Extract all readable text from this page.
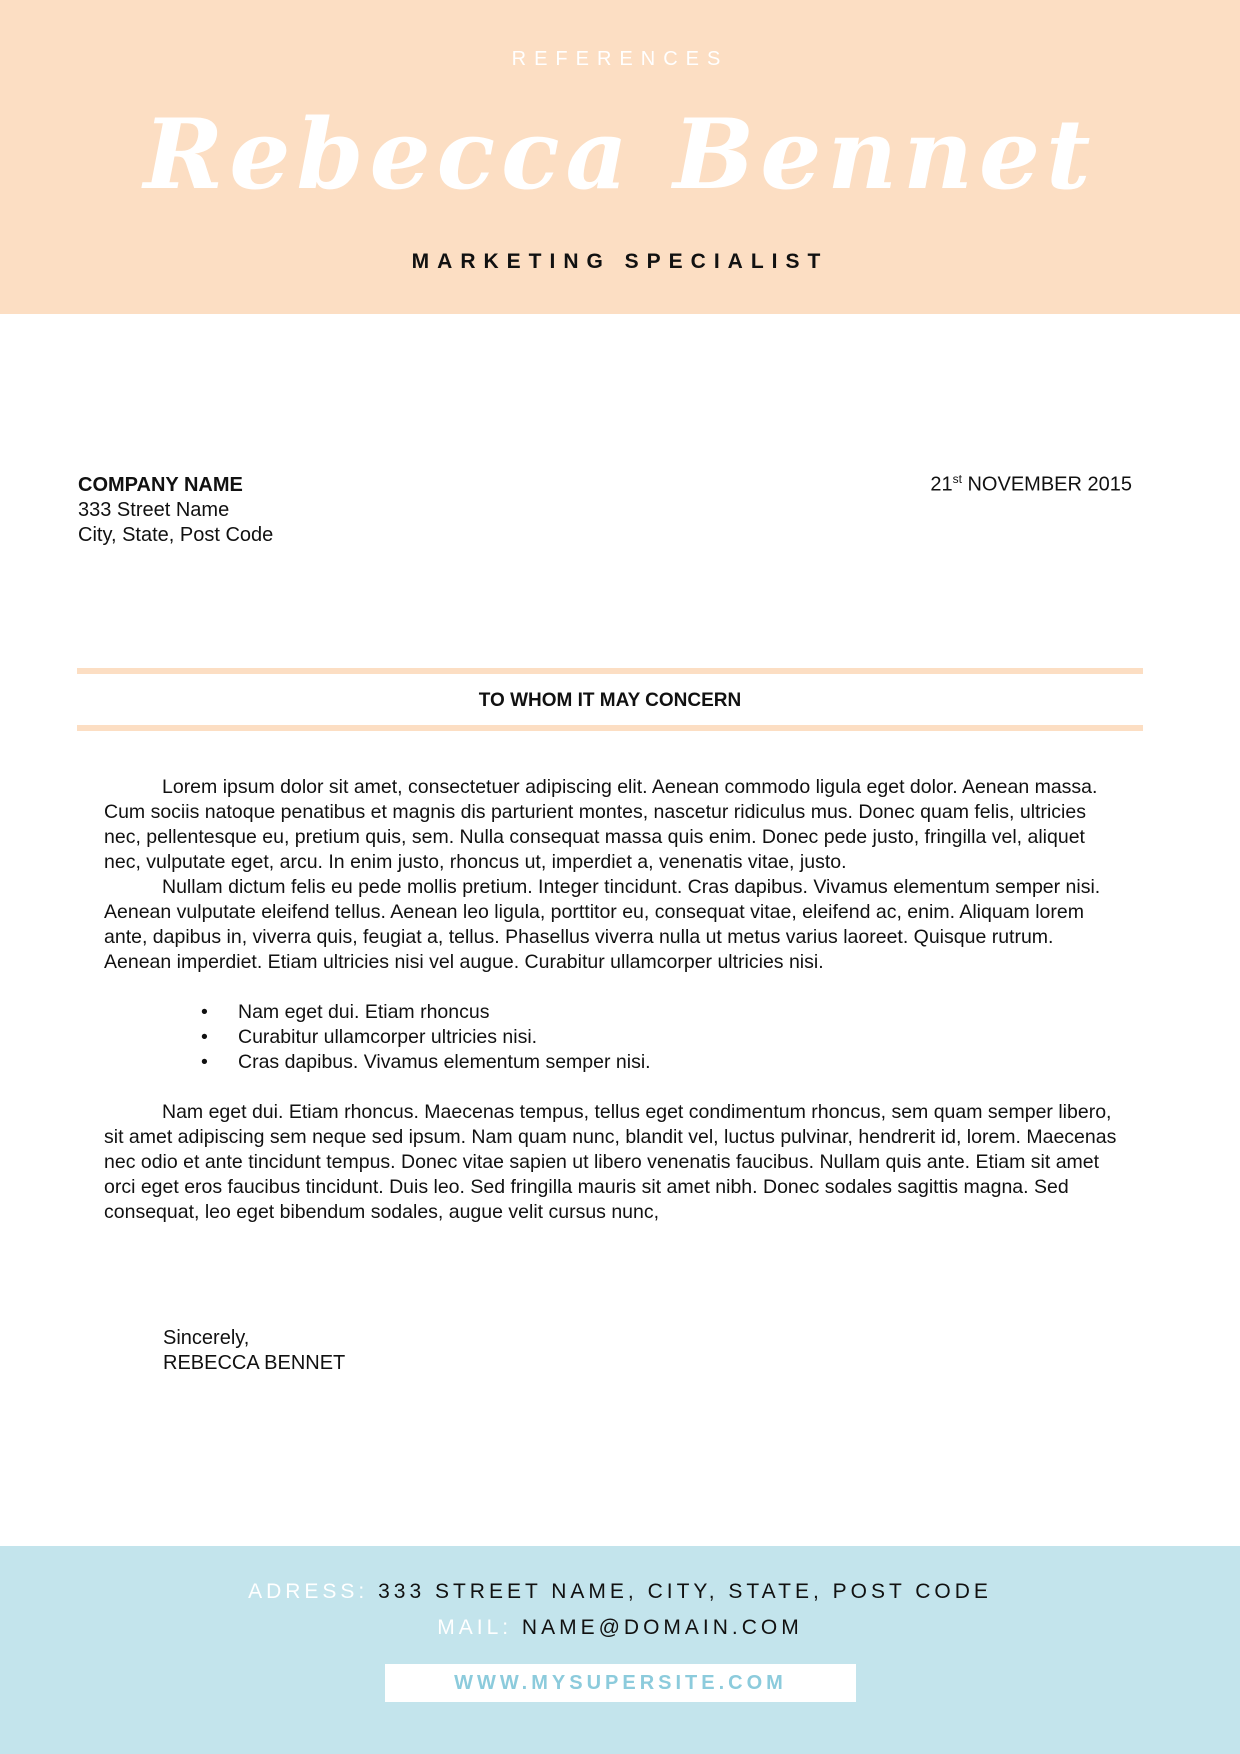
REFERENCES
Rebecca Bennet
MARKETING SPECIALIST
COMPANY NAME
333 Street Name
City, State, Post Code
21st NOVEMBER 2015
TO WHOM IT MAY CONCERN

Lorem ipsum dolor sit amet, consectetuer adipiscing elit. Aenean commodo ligula eget dolor. Aenean massa. Cum sociis natoque penatibus et magnis dis parturient montes, nascetur ridiculus mus. Donec quam felis, ultricies nec, pellentesque eu, pretium quis, sem. Nulla consequat massa quis enim. Donec pede justo, fringilla vel, aliquet nec, vulputate eget, arcu. In enim justo, rhoncus ut, imperdiet a, venenatis vitae, justo.

Nullam dictum felis eu pede mollis pretium. Integer tincidunt. Cras dapibus. Vivamus elementum semper nisi. Aenean vulputate eleifend tellus. Aenean leo ligula, porttitor eu, consequat vitae, eleifend ac, enim. Aliquam lorem ante, dapibus in, viverra quis, feugiat a, tellus. Phasellus viverra nulla ut metus varius laoreet. Quisque rutrum. Aenean imperdiet. Etiam ultricies nisi vel augue. Curabitur ullamcorper ultricies nisi.

• Nam eget dui. Etiam rhoncus
• Curabitur ullamcorper ultricies nisi.
• Cras dapibus. Vivamus elementum semper nisi.

Nam eget dui. Etiam rhoncus. Maecenas tempus, tellus eget condimentum rhoncus, sem quam semper libero, sit amet adipiscing sem neque sed ipsum. Nam quam nunc, blandit vel, luctus pulvinar, hendrerit id, lorem. Maecenas nec odio et ante tincidunt tempus. Donec vitae sapien ut libero venenatis faucibus. Nullam quis ante. Etiam sit amet orci eget eros faucibus tincidunt. Duis leo. Sed fringilla mauris sit amet nibh. Donec sodales sagittis magna. Sed consequat, leo eget bibendum sodales, augue velit cursus nunc,

Sincerely,
REBECCA BENNET
ADRESS: 333 STREET NAME, CITY, STATE, POST CODE
MAIL: NAME@DOMAIN.COM
WWW.MYSUPERSITE.COM
